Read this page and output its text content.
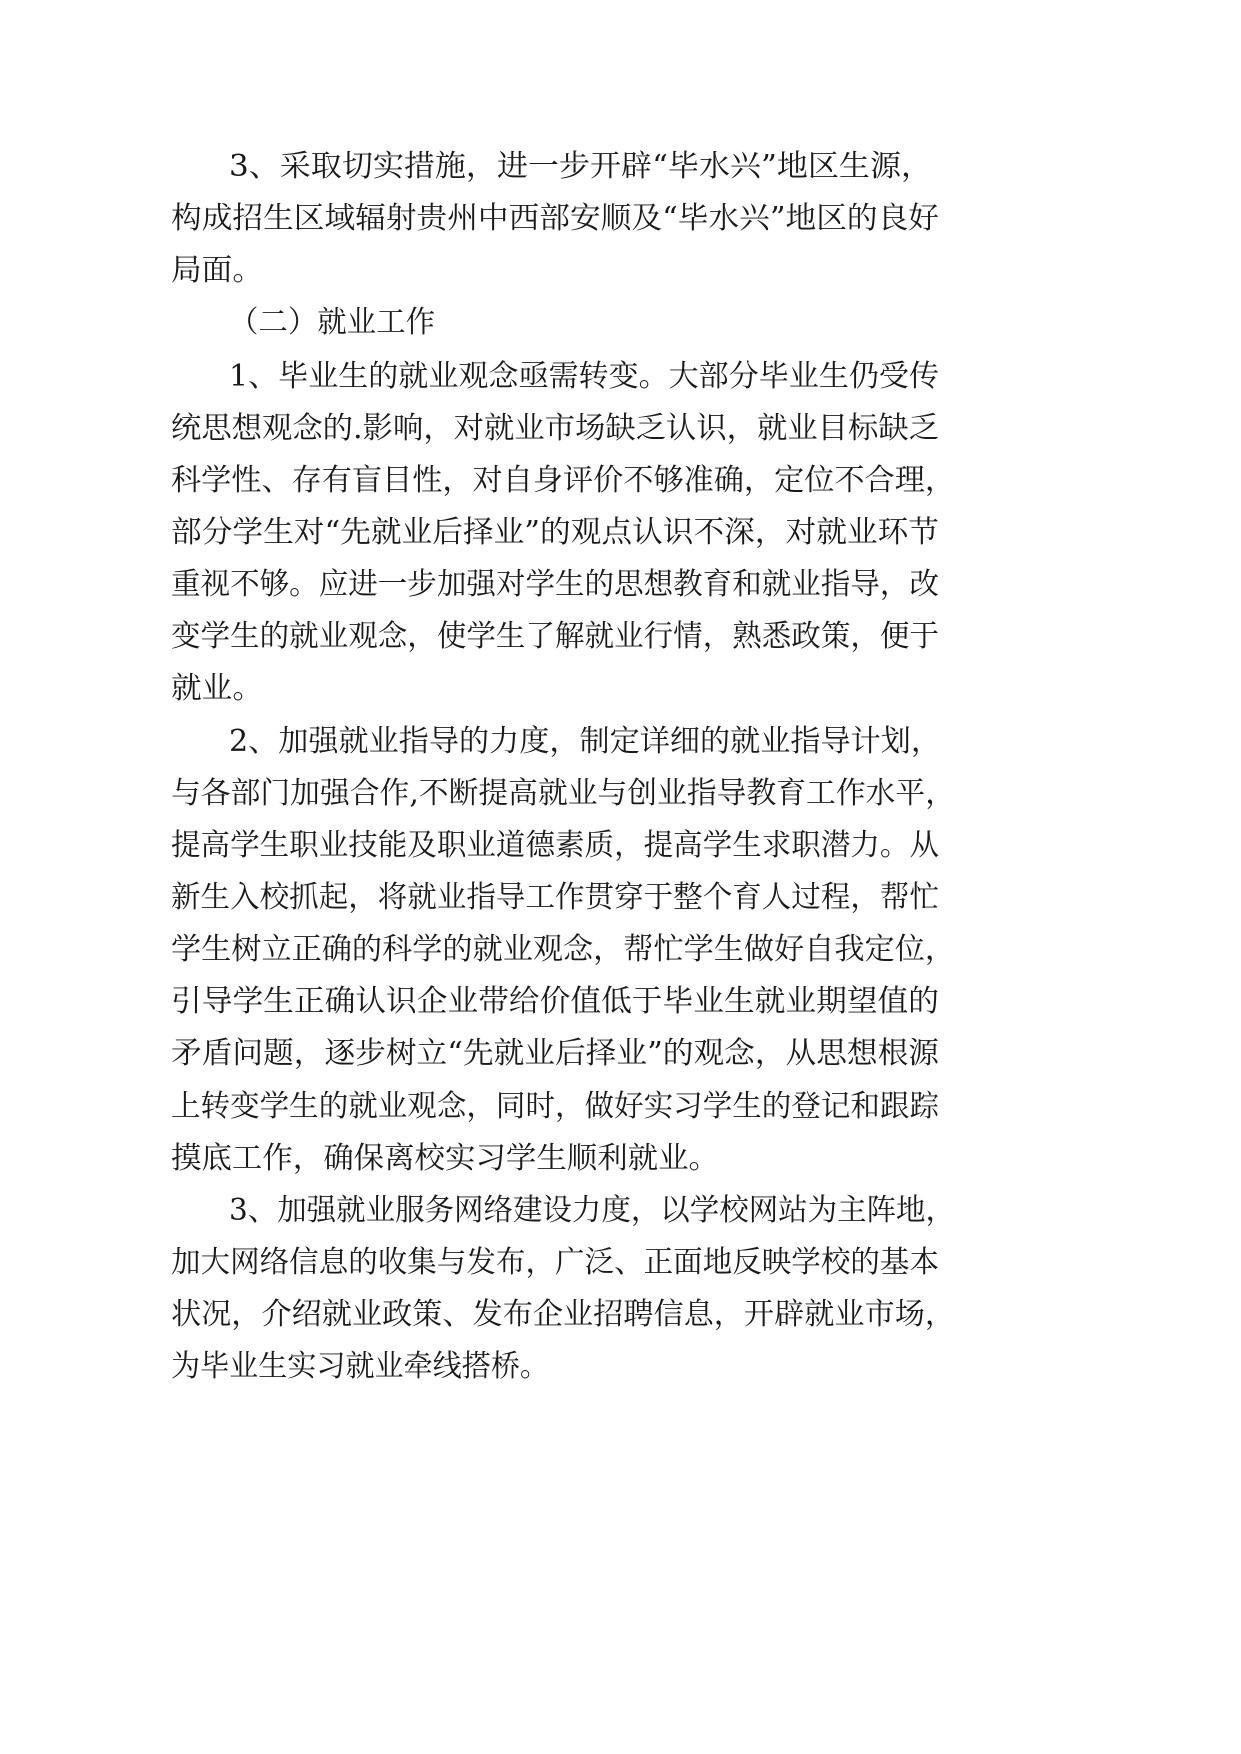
3、采取切实措施，进一步开辟“毕水兴”地区生源，
构成招生区域辐射贵州中西部安顺及“毕水兴”地区的良好
局面。
（二）就业工作
1、毕业生的就业观念亟需转变。大部分毕业生仍受传
统思想观念的.影响，对就业市场缺乏认识，就业目标缺乏
科学性、存有盲目性，对自身评价不够准确，定位不合理，
部分学生对“先就业后择业”的观点认识不深，对就业环节
重视不够。应进一步加强对学生的思想教育和就业指导，改
变学生的就业观念，使学生了解就业行情，熟悉政策，便于
就业。
2、加强就业指导的力度，制定详细的就业指导计划，
与各部门加强合作,不断提高就业与创业指导教育工作水平，
提高学生职业技能及职业道德素质，提高学生求职潜力。从
新生入校抓起，将就业指导工作贯穿于整个育人过程，帮忙
学生树立正确的科学的就业观念，帮忙学生做好自我定位，
引导学生正确认识企业带给价值低于毕业生就业期望值的
矛盾问题，逐步树立“先就业后择业”的观念，从思想根源
上转变学生的就业观念，同时，做好实习学生的登记和跟踪
摸底工作，确保离校实习学生顺利就业。
3、加强就业服务网络建设力度，以学校网站为主阵地，
加大网络信息的收集与发布，广泛、正面地反映学校的基本
状况，介绍就业政策、发布企业招聘信息，开辟就业市场，
为毕业生实习就业牵线搭桥。
